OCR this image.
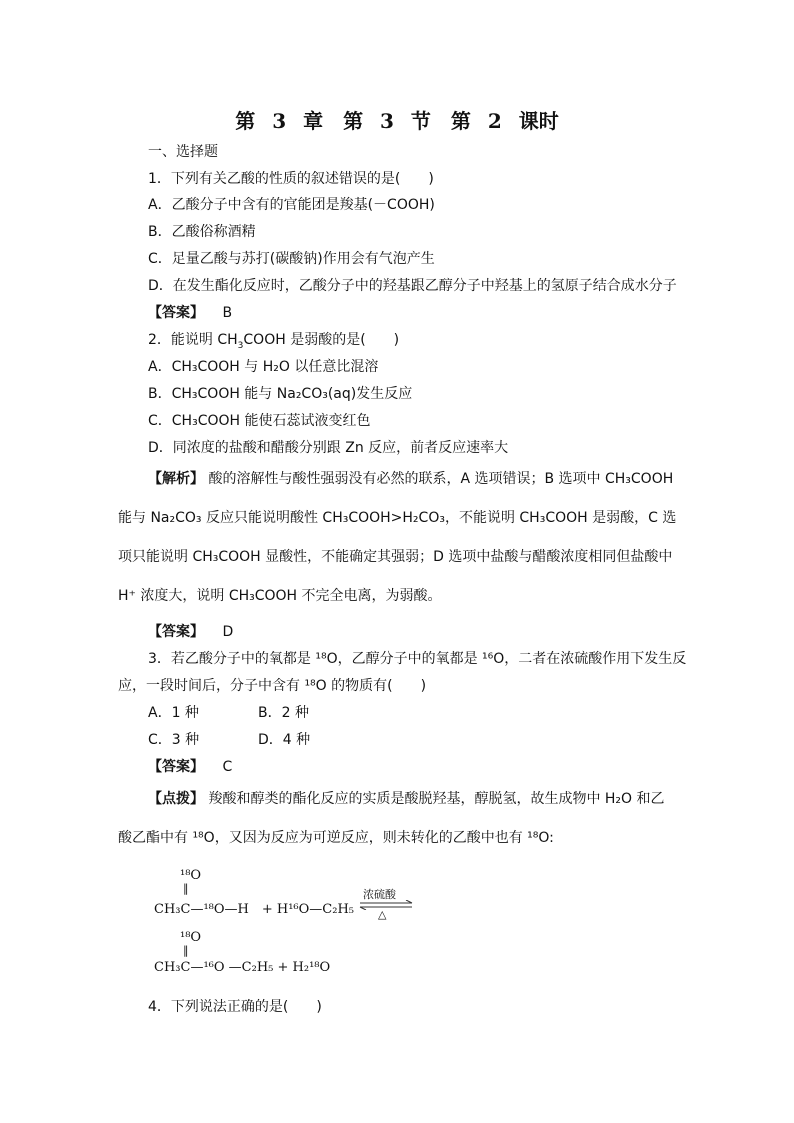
第 3 章　第 3 节　第 2 课时
一、选择题
1．下列有关乙酸的性质的叙述错误的是(　　)
A．乙酸分子中含有的官能团是羧基(－COOH)
B．乙酸俗称酒精
C．足量乙酸与苏打(碳酸钠)作用会有气泡产生
D．在发生酯化反应时，乙酸分子中的羟基跟乙醇分子中羟基上的氢原子结合成水分子
【答案】 B
2．能说明 $CH_3COOH$ 是弱酸的是(　　)
A．CH₃COOH 与 H₂O 以任意比混溶
B．CH₃COOH 能与 Na₂CO₃(aq)发生反应
C．CH₃COOH 能使石蕊试液变红色
D．同浓度的盐酸和醋酸分别跟 Zn 反应，前者反应速率大
【解析】 酸的溶解性与酸性强弱没有必然的联系，A 选项错误；B 选项中 CH₃COOH 能与 Na₂CO₃ 反应只能说明酸性 CH₃COOH>H₂CO₃，不能说明 CH₃COOH 是弱酸，C 选项只能说明 CH₃COOH 显酸性，不能确定其强弱；D 选项中盐酸与醋酸浓度相同但盐酸中 H⁺ 浓度大，说明 CH₃COOH 不完全电离，为弱酸。
【答案】 D
3．若乙酸分子中的氧都是 ¹⁸O，乙醇分子中的氧都是 ¹⁶O，二者在浓硫酸作用下发生反
应，一段时间后，分子中含有 ¹⁸O 的物质有(　　)
A．1 种	B．2 种
C．3 种	D．4 种
【答案】 C
【点拨】 羧酸和醇类的酯化反应的实质是酸脱羟基，醇脱氢，故生成物中 H₂O 和乙酸乙酯中有 ¹⁸O，又因为反应为可逆反应，则未转化的乙酸中也有 ¹⁸O:
¹⁸O
‖
CH₃C—¹⁸O—H　+ H¹⁶O—C₂H₅
浓硫酸
△
¹⁸O
‖
CH₃C—¹⁶O —C₂H₅ + H₂¹⁸O
4．下列说法正确的是(　　)
